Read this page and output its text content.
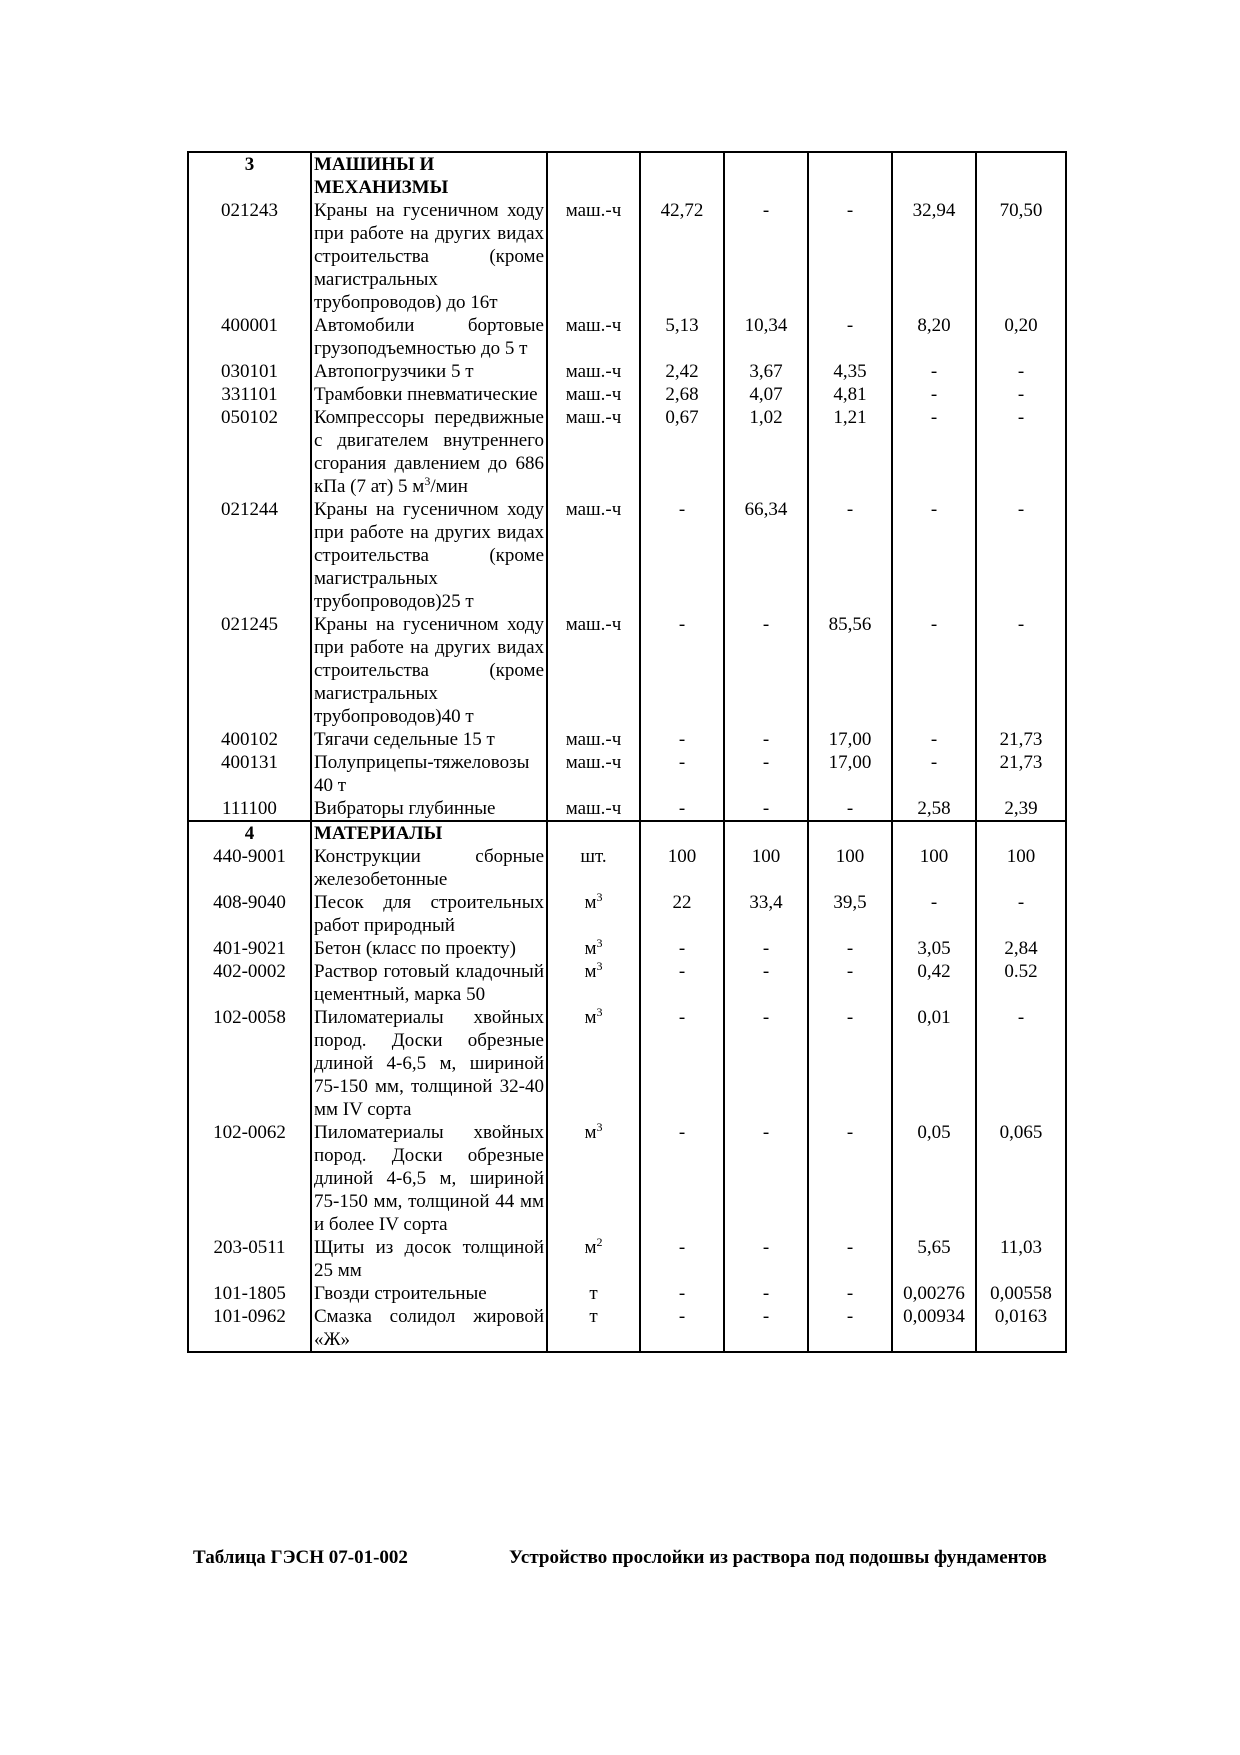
3	МАШИНЫ И
МЕХАНИЗМЫ						
021243	Краны на гусеничном ходу при работе на других видах строительства (кроме магистральных трубопроводов) до 16т	маш.-ч	42,72	-	-	32,94	70,50
400001	Автомобили бортовые грузоподъемностью до 5 т	маш.-ч	5,13	10,34	-	8,20	0,20
030101	Автопогрузчики 5 т	маш.-ч	2,42	3,67	4,35	-	-
331101	Трамбовки пневматические	маш.-ч	2,68	4,07	4,81	-	-
050102	Компрессоры передвижные с двигателем внутреннего сгорания давлением до 686 кПа (7 ат) 5 $м^3$/мин	маш.-ч	0,67	1,02	1,21	-	-
021244	Краны на гусеничном ходу при работе на других видах строительства (кроме магистральных трубопроводов)25 т	маш.-ч	-	66,34	-	-	-
021245	Краны на гусеничном ходу при работе на других видах строительства (кроме магистральных трубопроводов)40 т	маш.-ч	-	-	85,56	-	-
400102	Тягачи седельные 15 т	маш.-ч	-	-	17,00	-	21,73
400131	Полуприцепы-тяжеловозы 40 т	маш.-ч	-	-	17,00	-	21,73
111100	Вибраторы глубинные	маш.-ч	-	-	-	2,58	2,39
4	МАТЕРИАЛЫ						
440-9001	Конструкции сборные железобетонные	шт.	100	100	100	100	100
408-9040	Песок для строительных работ природный	$м^3$	22	33,4	39,5	-	-
401-9021	Бетон (класс по проекту)	$м^3$	-	-	-	3,05	2,84
402-0002	Раствор готовый кладочный цементный, марка 50	$м^3$	-	-	-	0,42	0.52
102-0058	Пиломатериалы хвойных пород. Доски обрезные длиной 4-6,5 м, шириной 75-150 мм, толщиной 32-40 мм IV сорта	$м^3$	-	-	-	0,01	-
102-0062	Пиломатериалы хвойных пород. Доски обрезные длиной 4-6,5 м, шириной 75-150 мм, толщиной 44 мм и более IV сорта	$м^3$	-	-	-	0,05	0,065
203-0511	Щиты из досок толщиной 25 мм	$м^2$	-	-	-	5,65	11,03
101-1805	Гвозди строительные	т	-	-	-	0,00276	0,00558
101-0962	Смазка солидол жировой «Ж»	т	-	-	-	0,00934	0,0163
Таблица ГЭСН 07-01-002	Устройство прослойки из раствора под подошвы фундаментов
